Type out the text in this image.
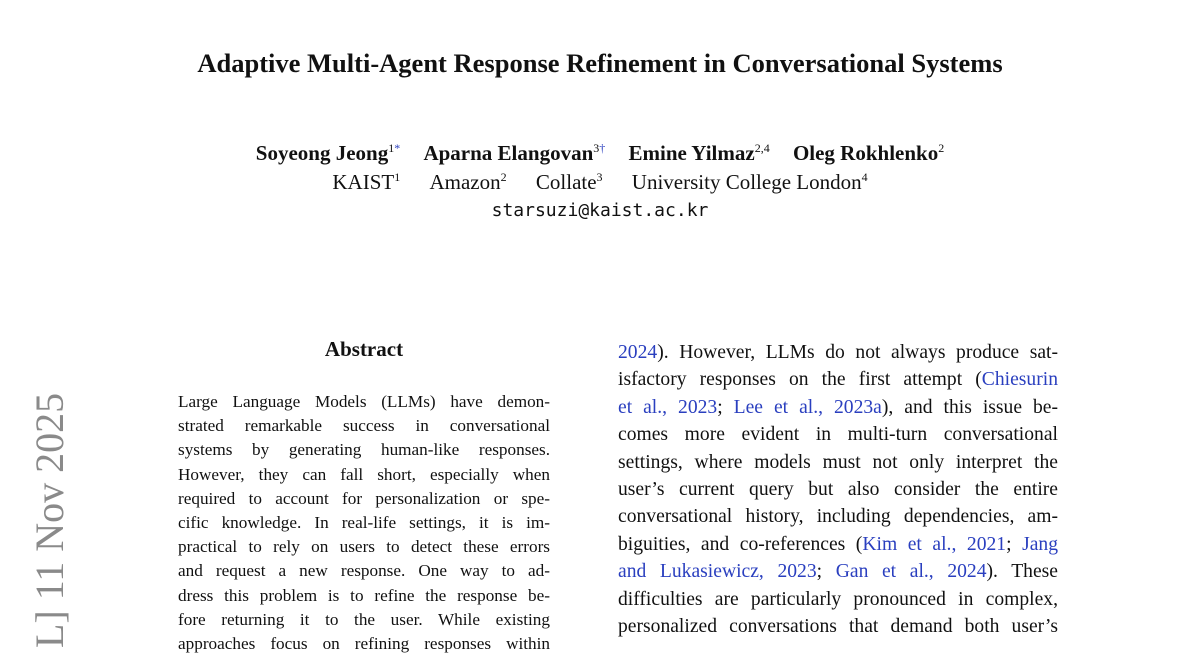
Adaptive Multi-Agent Response Refinement in Conversational Systems
Soyeong Jeong$^{1*}$ Aparna Elangovan$^{3\dagger}$ Emine Yilmaz$^{2,4}$ Oleg Rokhlenko$^2$
KAIST$^1$ Amazon$^2$ Collate$^3$ University College London$^4$
starsuzi@kaist.ac.kr
L] 11 Nov 2025
Abstract
Large Language Models (LLMs) have demon-
strated remarkable success in conversational
systems by generating human-like responses.
However, they can fall short, especially when
required to account for personalization or spe-
cific knowledge. In real-life settings, it is im-
practical to rely on users to detect these errors
and request a new response. One way to ad-
dress this problem is to refine the response be-
fore returning it to the user. While existing
approaches focus on refining responses within
2024). However, LLMs do not always produce sat-
isfactory responses on the first attempt (Chiesurin
et al., 2023; Lee et al., 2023a), and this issue be-
comes more evident in multi-turn conversational
settings, where models must not only interpret the
user’s current query but also consider the entire
conversational history, including dependencies, am-
biguities, and co-references (Kim et al., 2021; Jang
and Lukasiewicz, 2023; Gan et al., 2024). These
difficulties are particularly pronounced in complex,
personalized conversations that demand both user’s
